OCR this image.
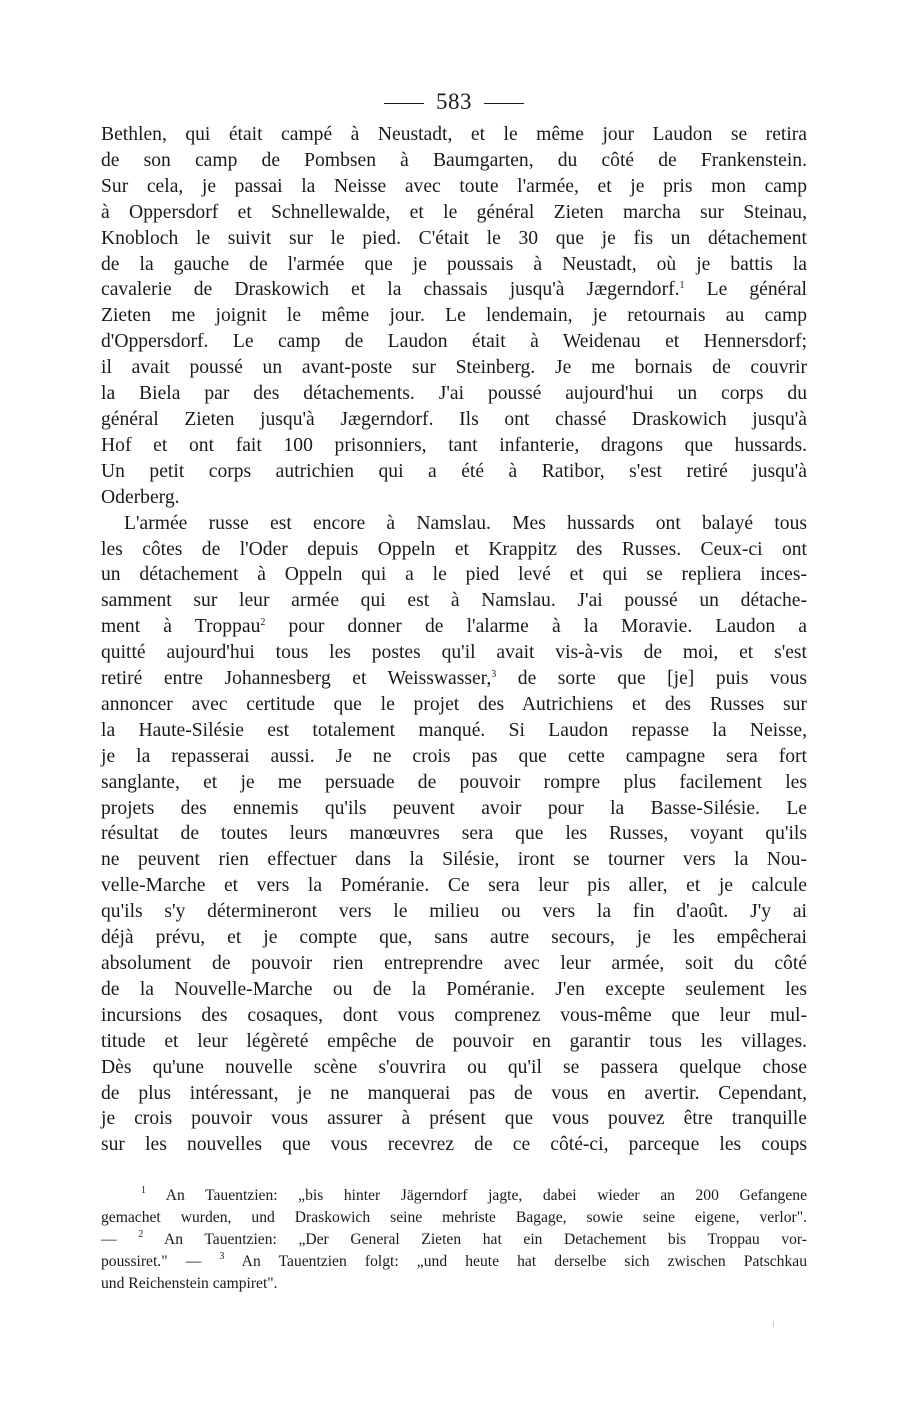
583
Bethlen, qui était campé à Neustadt, et le même jour Laudon se retira
de son camp de Pombsen à Baumgarten, du côté de Frankenstein.
Sur cela, je passai la Neisse avec toute l'armée, et je pris mon camp
à Oppersdorf et Schnellewalde, et le général Zieten marcha sur Steinau,
Knobloch le suivit sur le pied. C'était le 30 que je fis un détachement
de la gauche de l'armée que je poussais à Neustadt, où je battis la
cavalerie de Draskowich et la chassais jusqu'à Jægerndorf.$^1$ Le général
Zieten me joignit le même jour. Le lendemain, je retournais au camp
d'Oppersdorf. Le camp de Laudon était à Weidenau et Hennersdorf;
il avait poussé un avant-poste sur Steinberg. Je me bornais de couvrir
la Biela par des détachements. J'ai poussé aujourd'hui un corps du
général Zieten jusqu'à Jægerndorf. Ils ont chassé Draskowich jusqu'à
Hof et ont fait 100 prisonniers, tant infanterie, dragons que hussards.
Un petit corps autrichien qui a été à Ratibor, s'est retiré jusqu'à
Oderberg.
L'armée russe est encore à Namslau. Mes hussards ont balayé tous
les côtes de l'Oder depuis Oppeln et Krappitz des Russes. Ceux-ci ont
un détachement à Oppeln qui a le pied levé et qui se repliera inces-
samment sur leur armée qui est à Namslau. J'ai poussé un détache-
ment à Troppau$^2$ pour donner de l'alarme à la Moravie. Laudon a
quitté aujourd'hui tous les postes qu'il avait vis-à-vis de moi, et s'est
retiré entre Johannesberg et Weisswasser,$^3$ de sorte que [je] puis vous
annoncer avec certitude que le projet des Autrichiens et des Russes sur
la Haute-Silésie est totalement manqué. Si Laudon repasse la Neisse,
je la repasserai aussi. Je ne crois pas que cette campagne sera fort
sanglante, et je me persuade de pouvoir rompre plus facilement les
projets des ennemis qu'ils peuvent avoir pour la Basse-Silésie. Le
résultat de toutes leurs manœuvres sera que les Russes, voyant qu'ils
ne peuvent rien effectuer dans la Silésie, iront se tourner vers la Nou-
velle-Marche et vers la Poméranie. Ce sera leur pis aller, et je calcule
qu'ils s'y détermineront vers le milieu ou vers la fin d'août. J'y ai
déjà prévu, et je compte que, sans autre secours, je les empêcherai
absolument de pouvoir rien entreprendre avec leur armée, soit du côté
de la Nouvelle-Marche ou de la Poméranie. J'en excepte seulement les
incursions des cosaques, dont vous comprenez vous-même que leur mul-
titude et leur légèreté empêche de pouvoir en garantir tous les villages.
Dès qu'une nouvelle scène s'ouvrira ou qu'il se passera quelque chose
de plus intéressant, je ne manquerai pas de vous en avertir. Cependant,
je crois pouvoir vous assurer à présent que vous pouvez être tranquille
sur les nouvelles que vous recevrez de ce côté-ci, parceque les coups
$^1$ An Tauentzien: „bis hinter Jägerndorf jagte, dabei wieder an 200 Gefangene
gemachet wurden, und Draskowich seine mehriste Bagage, sowie seine eigene, verlor".
— $^2$ An Tauentzien: „Der General Zieten hat ein Detachement bis Troppau vor-
poussiret." — $^3$ An Tauentzien folgt: „und heute hat derselbe sich zwischen Patschkau
und Reichenstein campiret".
